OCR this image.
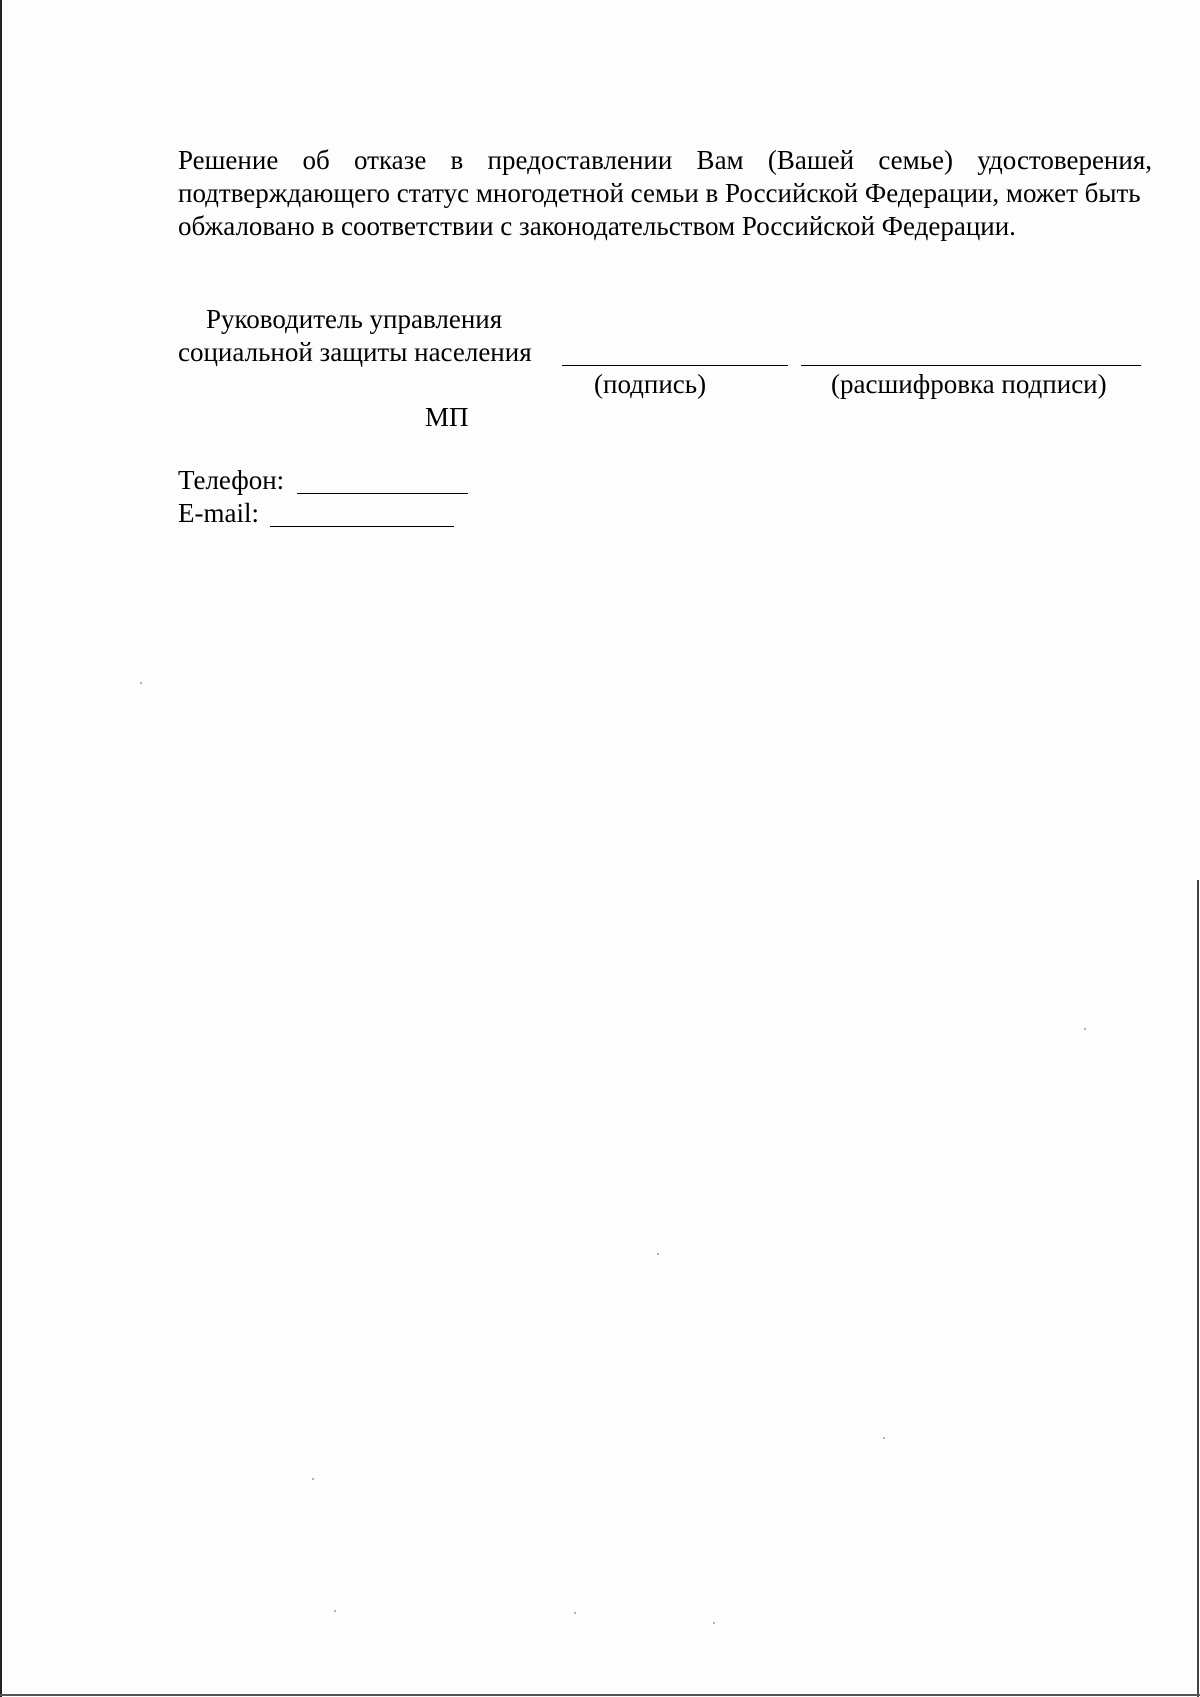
Решение об отказе в предоставлении Вам (Вашей семье) удостоверения,
подтверждающего статус многодетной семьи в Российской Федерации, может быть
обжаловано в соответствии с законодательством Российской Федерации.

Руководитель управления
социальной защиты населения
(подпись)	(расшифровка подписи)
МП
Телефон:
E-mail:
